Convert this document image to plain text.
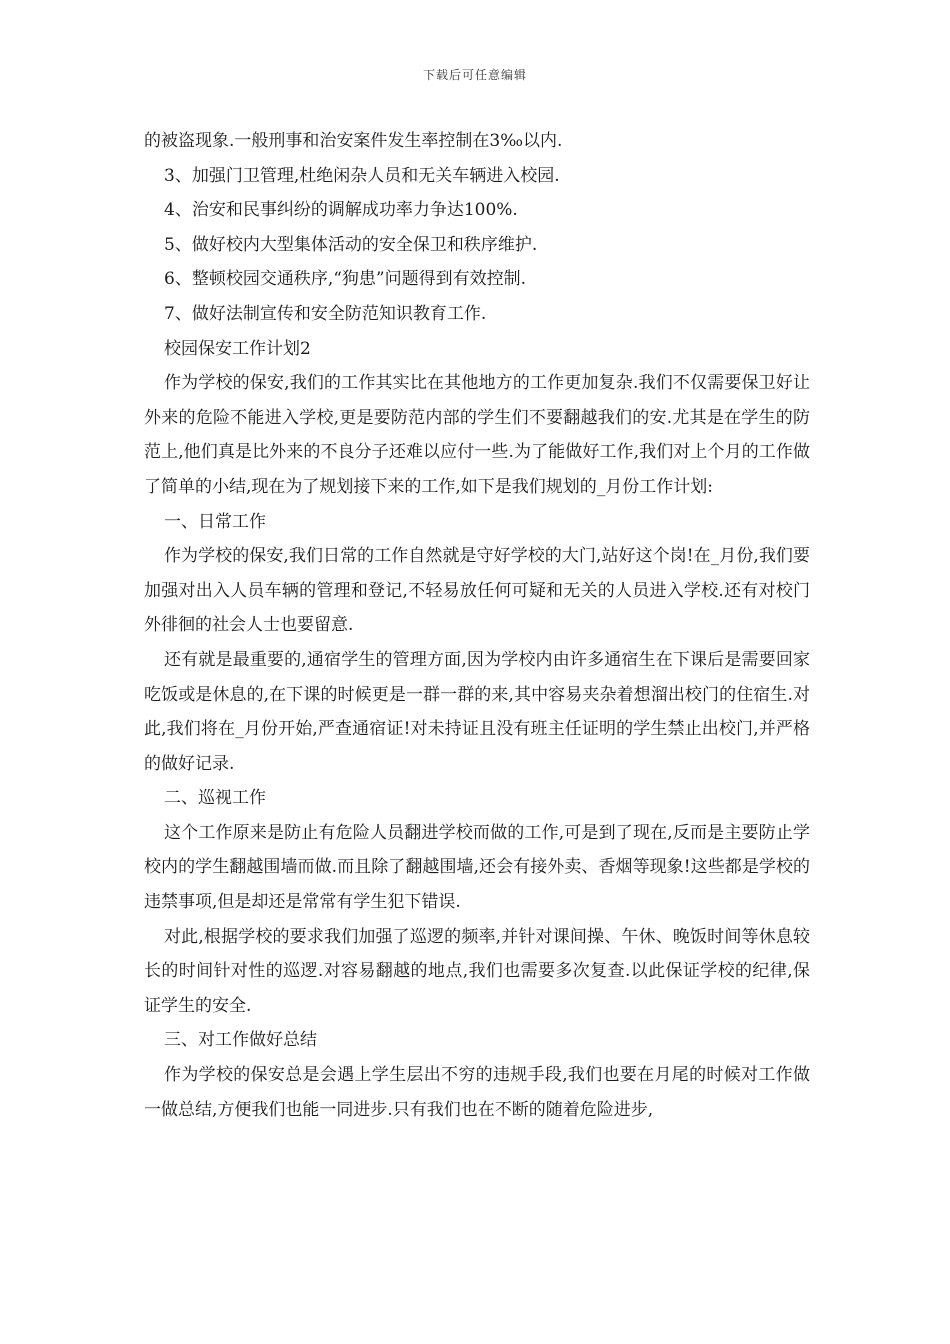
下载后可任意编辑

的被盗现象.一般刑事和治安案件发生率控制在3‰以内.

3、加强门卫管理,杜绝闲杂人员和无关车辆进入校园.

4、治安和民事纠纷的调解成功率力争达100%.

5、做好校内大型集体活动的安全保卫和秩序维护.

6、整顿校园交通秩序,“狗患”问题得到有效控制.

7、做好法制宣传和安全防范知识教育工作.

校园保安工作计划2

作为学校的保安,我们的工作其实比在其他地方的工作更加复杂.我们不仅需要保卫好让外来的危险不能进入学校,更是要防范内部的学生们不要翻越我们的安.尤其是在学生的防范上,他们真是比外来的不良分子还难以应付一些.为了能做好工作,我们对上个月的工作做了简单的小结,现在为了规划接下来的工作,如下是我们规划的_月份工作计划:

一、日常工作

作为学校的保安,我们日常的工作自然就是守好学校的大门,站好这个岗!在_月份,我们要加强对出入人员车辆的管理和登记,不轻易放任何可疑和无关的人员进入学校.还有对校门外徘徊的社会人士也要留意.

还有就是最重要的,通宿学生的管理方面,因为学校内由许多通宿生在下课后是需要回家吃饭或是休息的,在下课的时候更是一群一群的来,其中容易夹杂着想溜出校门的住宿生.对此,我们将在_月份开始,严查通宿证!对未持证且没有班主任证明的学生禁止出校门,并严格的做好记录.

二、巡视工作

这个工作原来是防止有危险人员翻进学校而做的工作,可是到了现在,反而是主要防止学校内的学生翻越围墙而做.而且除了翻越围墙,还会有接外卖、香烟等现象!这些都是学校的违禁事项,但是却还是常常有学生犯下错误.

对此,根据学校的要求我们加强了巡逻的频率,并针对课间操、午休、晚饭时间等休息较长的时间针对性的巡逻.对容易翻越的地点,我们也需要多次复查.以此保证学校的纪律,保证学生的安全.

三、对工作做好总结

作为学校的保安总是会遇上学生层出不穷的违规手段,我们也要在月尾的时候对工作做一做总结,方便我们也能一同进步.只有我们也在不断的随着危险进步,
